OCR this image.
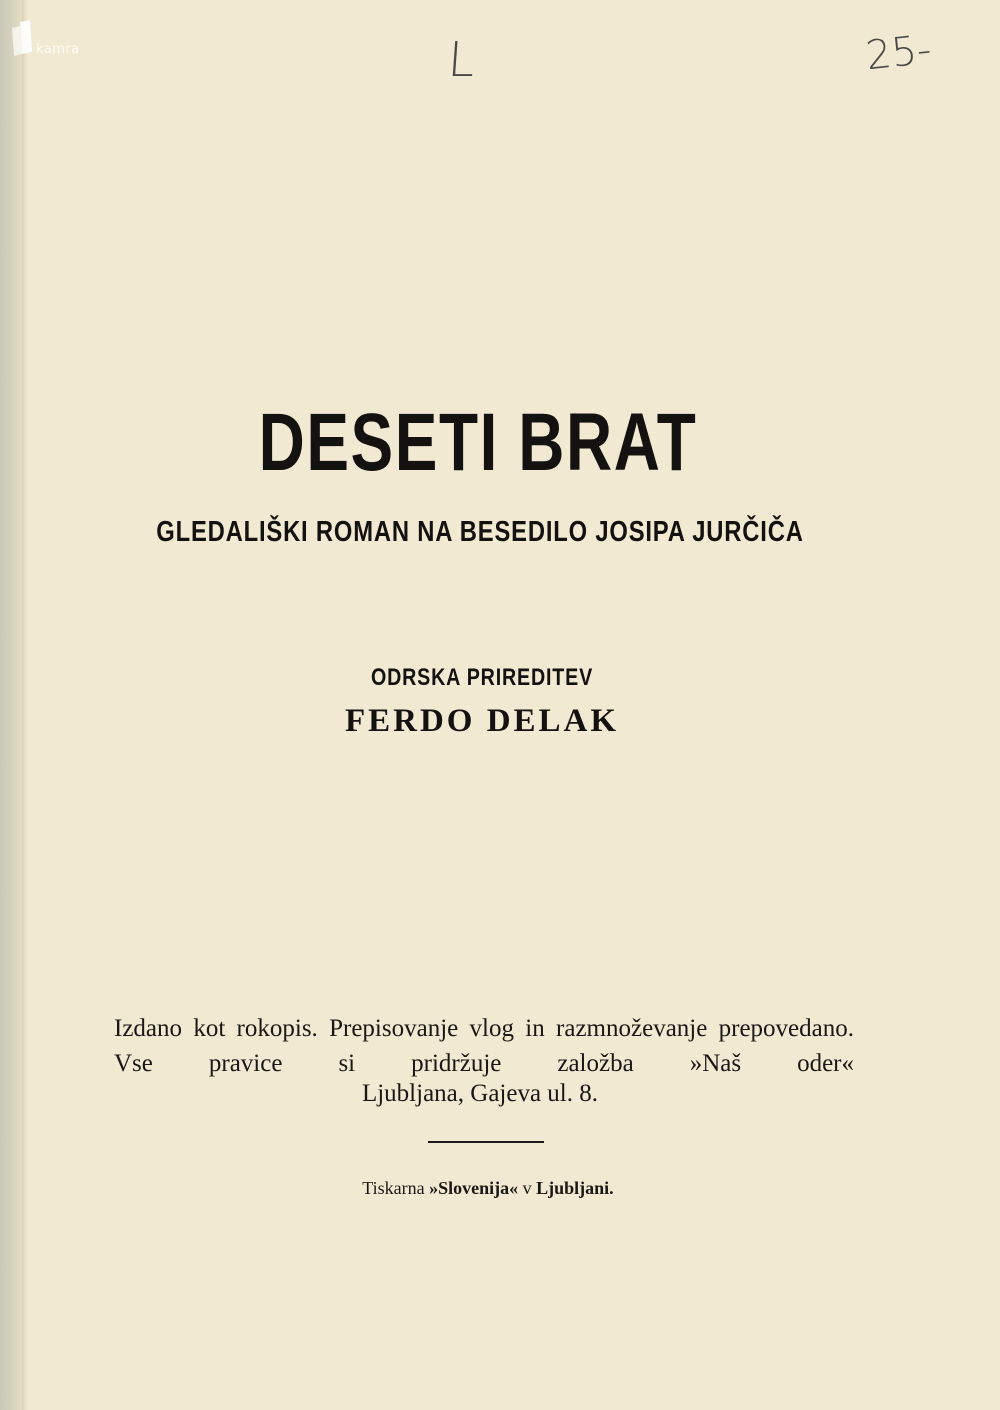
kamra	L	25-
DESETI BRAT
GLEDALIŠKI ROMAN NA BESEDILO JOSIPA JURČIČA
ODRSKA PRIREDITEV
FERDO DELAK
Izdano kot rokopis. Prepisovanje vlog in razmnoževanje prepovedano. Vse pravice si pridržuje založba »Naš oder«
Ljubljana, Gajeva ul. 8.
Tiskarna »Slovenija« v Ljubljani.
